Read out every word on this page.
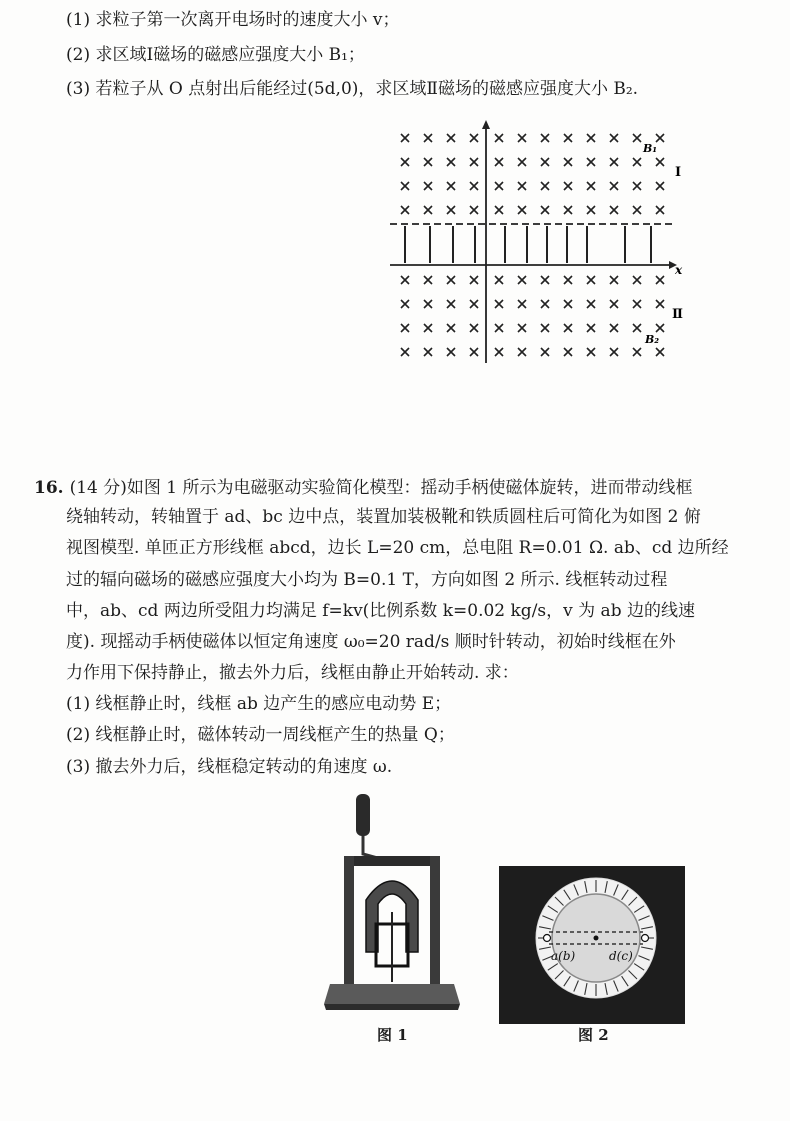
(1) 求粒子第一次离开电场时的速度大小 v；
(2) 求区域Ⅰ磁场的磁感应强度大小 B₁；
(3) 若粒子从 O 点射出后能经过(5d,0)，求区域Ⅱ磁场的磁感应强度大小 B₂.
B₁
Ⅰ
x
Ⅱ
B₂
16. (14 分)如图 1 所示为电磁驱动实验简化模型：摇动手柄使磁体旋转，进而带动线框
绕轴转动，转轴置于 ad、bc 边中点，装置加装极靴和铁质圆柱后可简化为如图 2 俯
视图模型. 单匝正方形线框 abcd，边长 L=20 cm，总电阻 R=0.01 Ω. ab、cd 边所经
过的辐向磁场的磁感应强度大小均为 B=0.1 T，方向如图 2 所示. 线框转动过程
中，ab、cd 两边所受阻力均满足 f=kv(比例系数 k=0.02 kg/s，v 为 ab 边的线速
度). 现摇动手柄使磁体以恒定角速度 ω₀=20 rad/s 顺时针转动，初始时线框在外
力作用下保持静止，撤去外力后，线框由静止开始转动. 求：
(1) 线框静止时，线框 ab 边产生的感应电动势 E；
(2) 线框静止时，磁体转动一周线框产生的热量 Q；
(3) 撤去外力后，线框稳定转动的角速度 ω.
图 1
a(b)	d(c)
图 2
